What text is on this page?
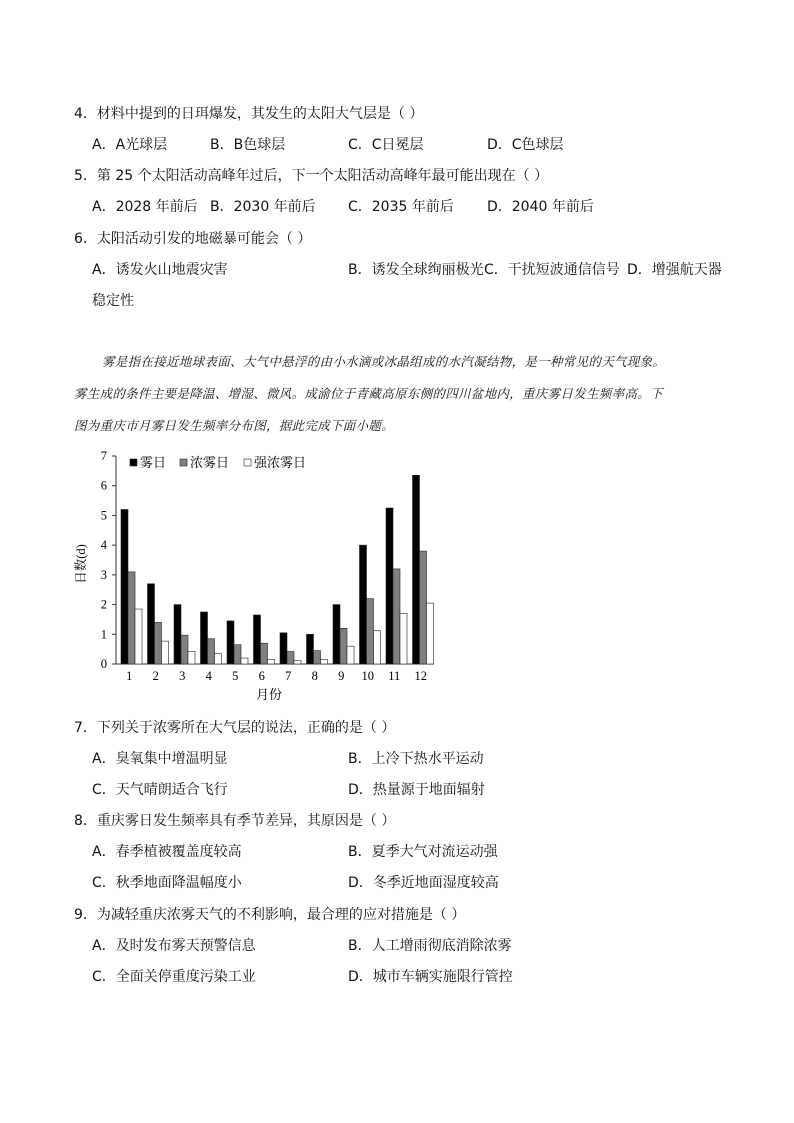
4．材料中提到的日珥爆发，其发生的太阳大气层是（ ）
A．A光球层	B．B色球层	C．C日冕层	D．C色球层
5．第 25 个太阳活动高峰年过后，下一个太阳活动高峰年最可能出现在（ ）
A．2028 年前后 B．2030 年前后 C．2035 年前后 D．2040 年前后
6．太阳活动引发的地磁暴可能会（ ）
A．诱发火山地震灾害	B．诱发全球绚丽极光 C．干扰短波通信信号 D．增强航天器
稳定性
雾是指在接近地球表面、大气中悬浮的由小水滴或冰晶组成的水汽凝结物，是一种常见的天气现象。
雾生成的条件主要是降温、增湿、微风。成渝位于青藏高原东侧的四川盆地内，重庆雾日发生频率高。下
图为重庆市月雾日发生频率分布图，据此完成下面小题。
0
1
2
3
4
5
6
7
日数(d)
1 2 3 4 5 6 7 8 9 10 11 12
月份
雾日 浓雾日 强浓雾日
7．下列关于浓雾所在大气层的说法，正确的是（ ）
A．臭氧集中增温明显	B．上冷下热水平运动
C．天气晴朗适合飞行	D．热量源于地面辐射
8．重庆雾日发生频率具有季节差异，其原因是（ ）
A．春季植被覆盖度较高	B．夏季大气对流运动强
C．秋季地面降温幅度小	D．冬季近地面湿度较高
9．为减轻重庆浓雾天气的不利影响，最合理的应对措施是（ ）
A．及时发布雾天预警信息	B．人工增雨彻底消除浓雾
C．全面关停重度污染工业	D．城市车辆实施限行管控
